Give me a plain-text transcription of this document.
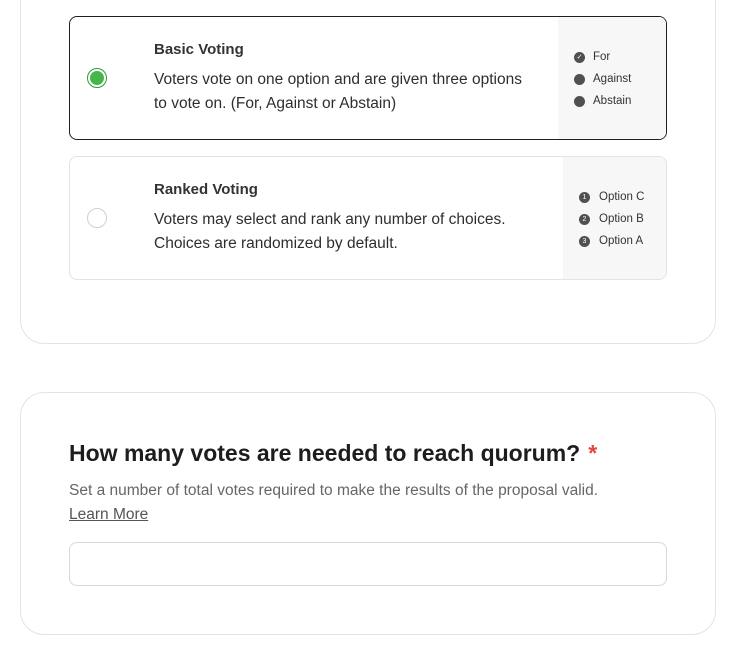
Basic Voting
Voters vote on one option and are given three options to vote on. (For, Against or Abstain)
✓ For
Against
Abstain
Ranked Voting
Voters may select and rank any number of choices. Choices are randomized by default.
1	Option C
2	Option B
3	Option A
How many votes are needed to reach quorum? *
Set a number of total votes required to make the results of the proposal valid.
Learn More
